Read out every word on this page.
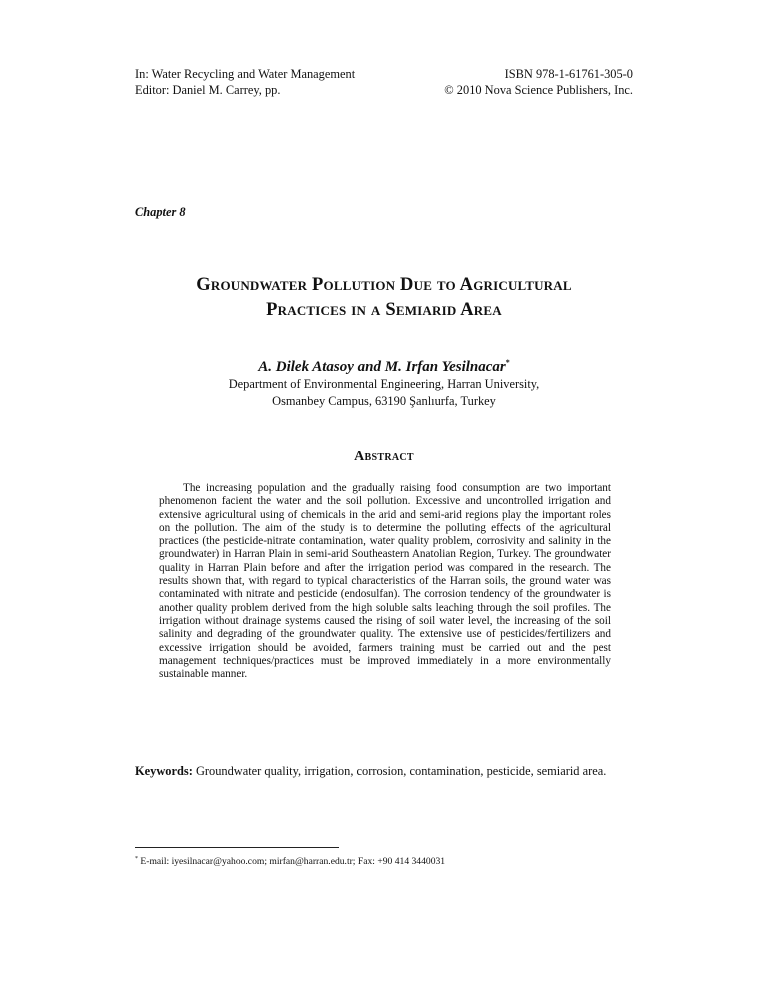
In: Water Recycling and Water Management	ISBN 978-1-61761-305-0
Editor: Daniel M. Carrey, pp.	© 2010 Nova Science Publishers, Inc.
Chapter 8
Groundwater Pollution Due to Agricultural
Practices in a Semiarid Area
A. Dilek Atasoy and M. Irfan Yesilnacar*
Department of Environmental Engineering, Harran University,
Osmanbey Campus, 63190 Şanlıurfa, Turkey
Abstract

The increasing population and the gradually raising food consumption are two important phenomenon facient the water and the soil pollution. Excessive and uncontrolled irrigation and extensive agricultural using of chemicals in the arid and semi-arid regions play the important roles on the pollution. The aim of the study is to determine the polluting effects of the agricultural practices (the pesticide-nitrate contamination, water quality problem, corrosivity and salinity in the groundwater) in Harran Plain in semi-arid Southeastern Anatolian Region, Turkey. The groundwater quality in Harran Plain before and after the irrigation period was compared in the research. The results shown that, with regard to typical characteristics of the Harran soils, the ground water was contaminated with nitrate and pesticide (endosulfan). The corrosion tendency of the groundwater is another quality problem derived from the high soluble salts leaching through the soil profiles. The irrigation without drainage systems caused the rising of soil water level, the increasing of the soil salinity and degrading of the groundwater quality. The extensive use of pesticides/fertilizers and excessive irrigation should be avoided, farmers training must be carried out and the pest management techniques/practices must be improved immediately in a more environmentally sustainable manner.

Keywords: Groundwater quality, irrigation, corrosion, contamination, pesticide, semiarid area.
* E-mail: iyesilnacar@yahoo.com; mirfan@harran.edu.tr; Fax: +90 414 3440031
